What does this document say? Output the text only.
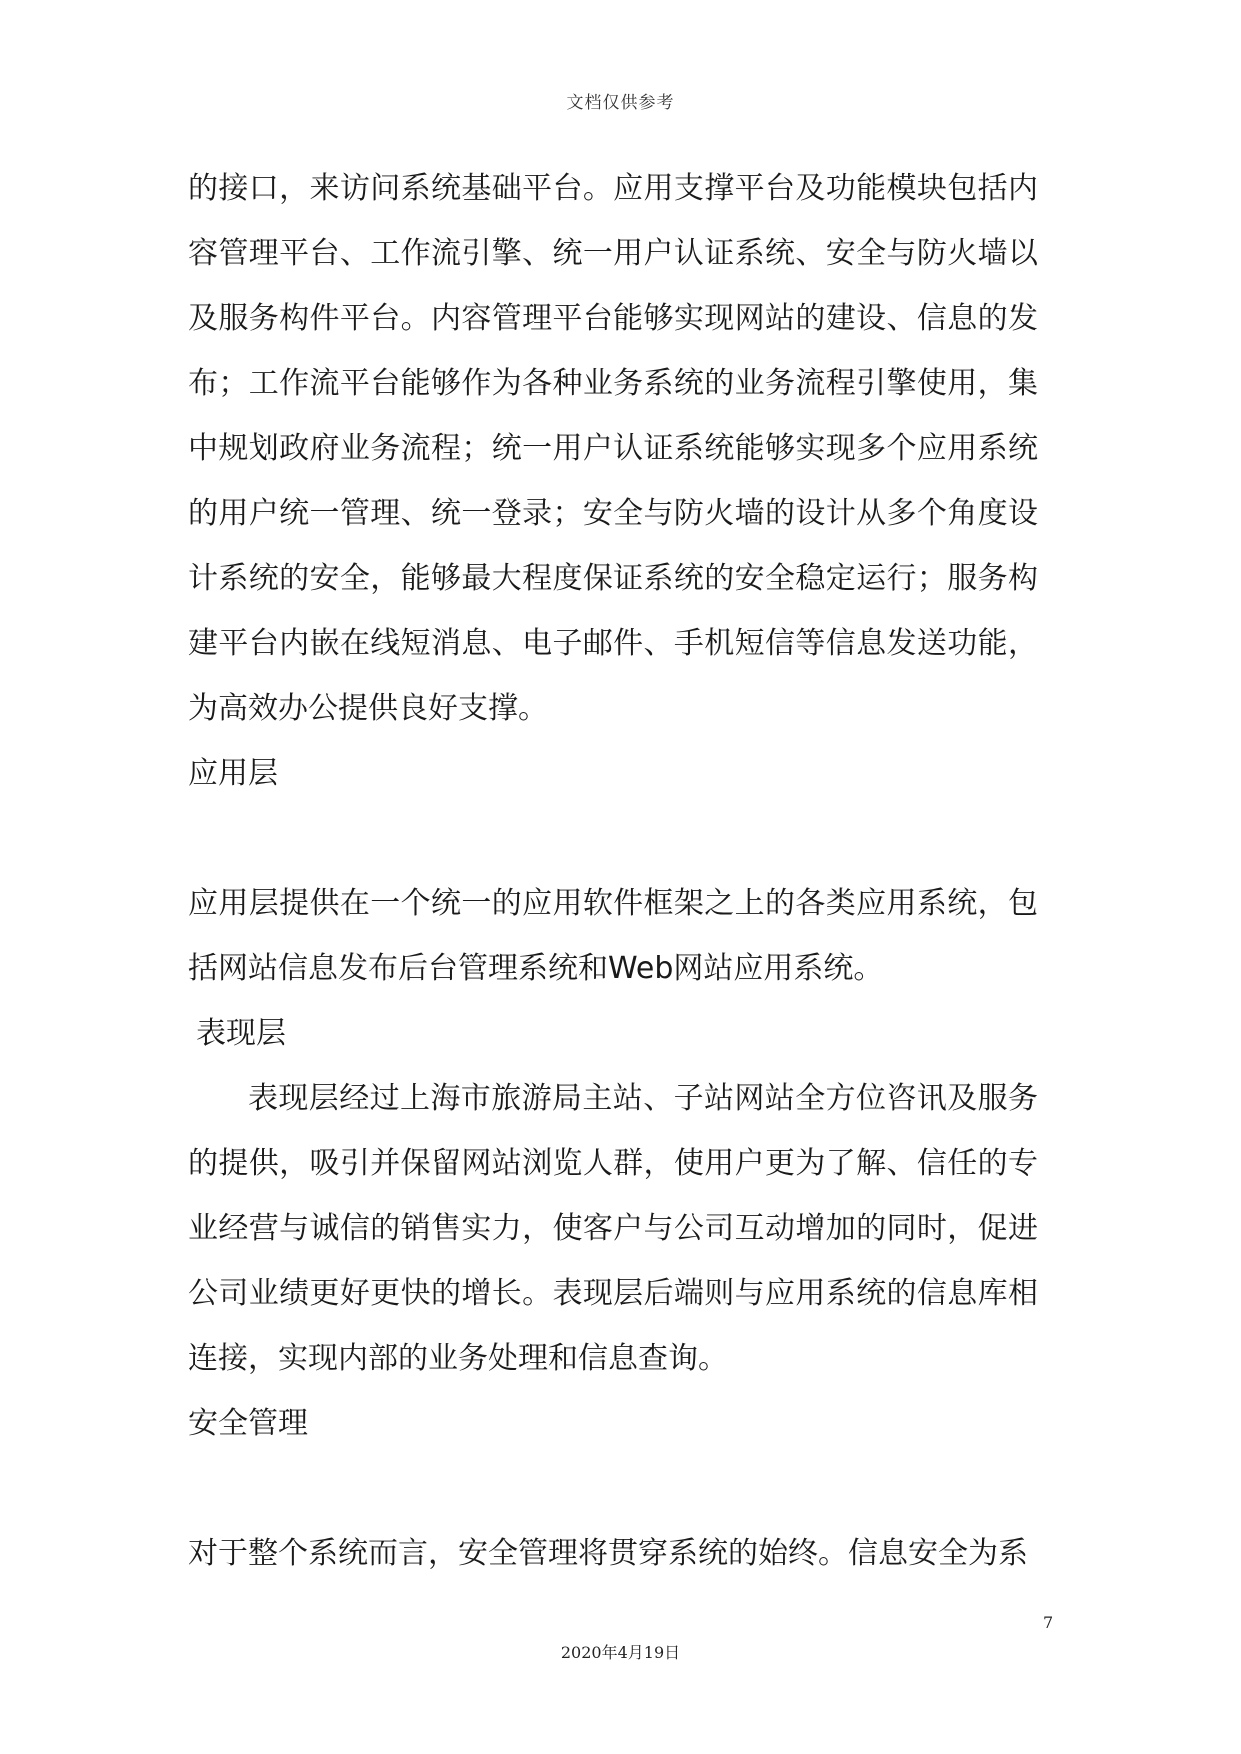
文档仅供参考

的接口，来访问系统基础平台。应用支撑平台及功能模块包括内容管理平台、工作流引擎、统一用户认证系统、安全与防火墙以及服务构件平台。内容管理平台能够实现网站的建设、信息的发布；工作流平台能够作为各种业务系统的业务流程引擎使用，集中规划政府业务流程；统一用户认证系统能够实现多个应用系统的用户统一管理、统一登录；安全与防火墙的设计从多个角度设计系统的安全，能够最大程度保证系统的安全稳定运行；服务构建平台内嵌在线短消息、电子邮件、手机短信等信息发送功能，为高效办公提供良好支撑。

应用层

应用层提供在一个统一的应用软件框架之上的各类应用系统，包括网站信息发布后台管理系统和Web网站应用系统。

表现层

表现层经过上海市旅游局主站、子站网站全方位咨讯及服务的提供，吸引并保留网站浏览人群，使用户更为了解、信任的专业经营与诚信的销售实力，使客户与公司互动增加的同时，促进公司业绩更好更快的增长。表现层后端则与应用系统的信息库相连接，实现内部的业务处理和信息查询。

安全管理

对于整个系统而言，安全管理将贯穿系统的始终。信息安全为系

7
2020年4月19日
